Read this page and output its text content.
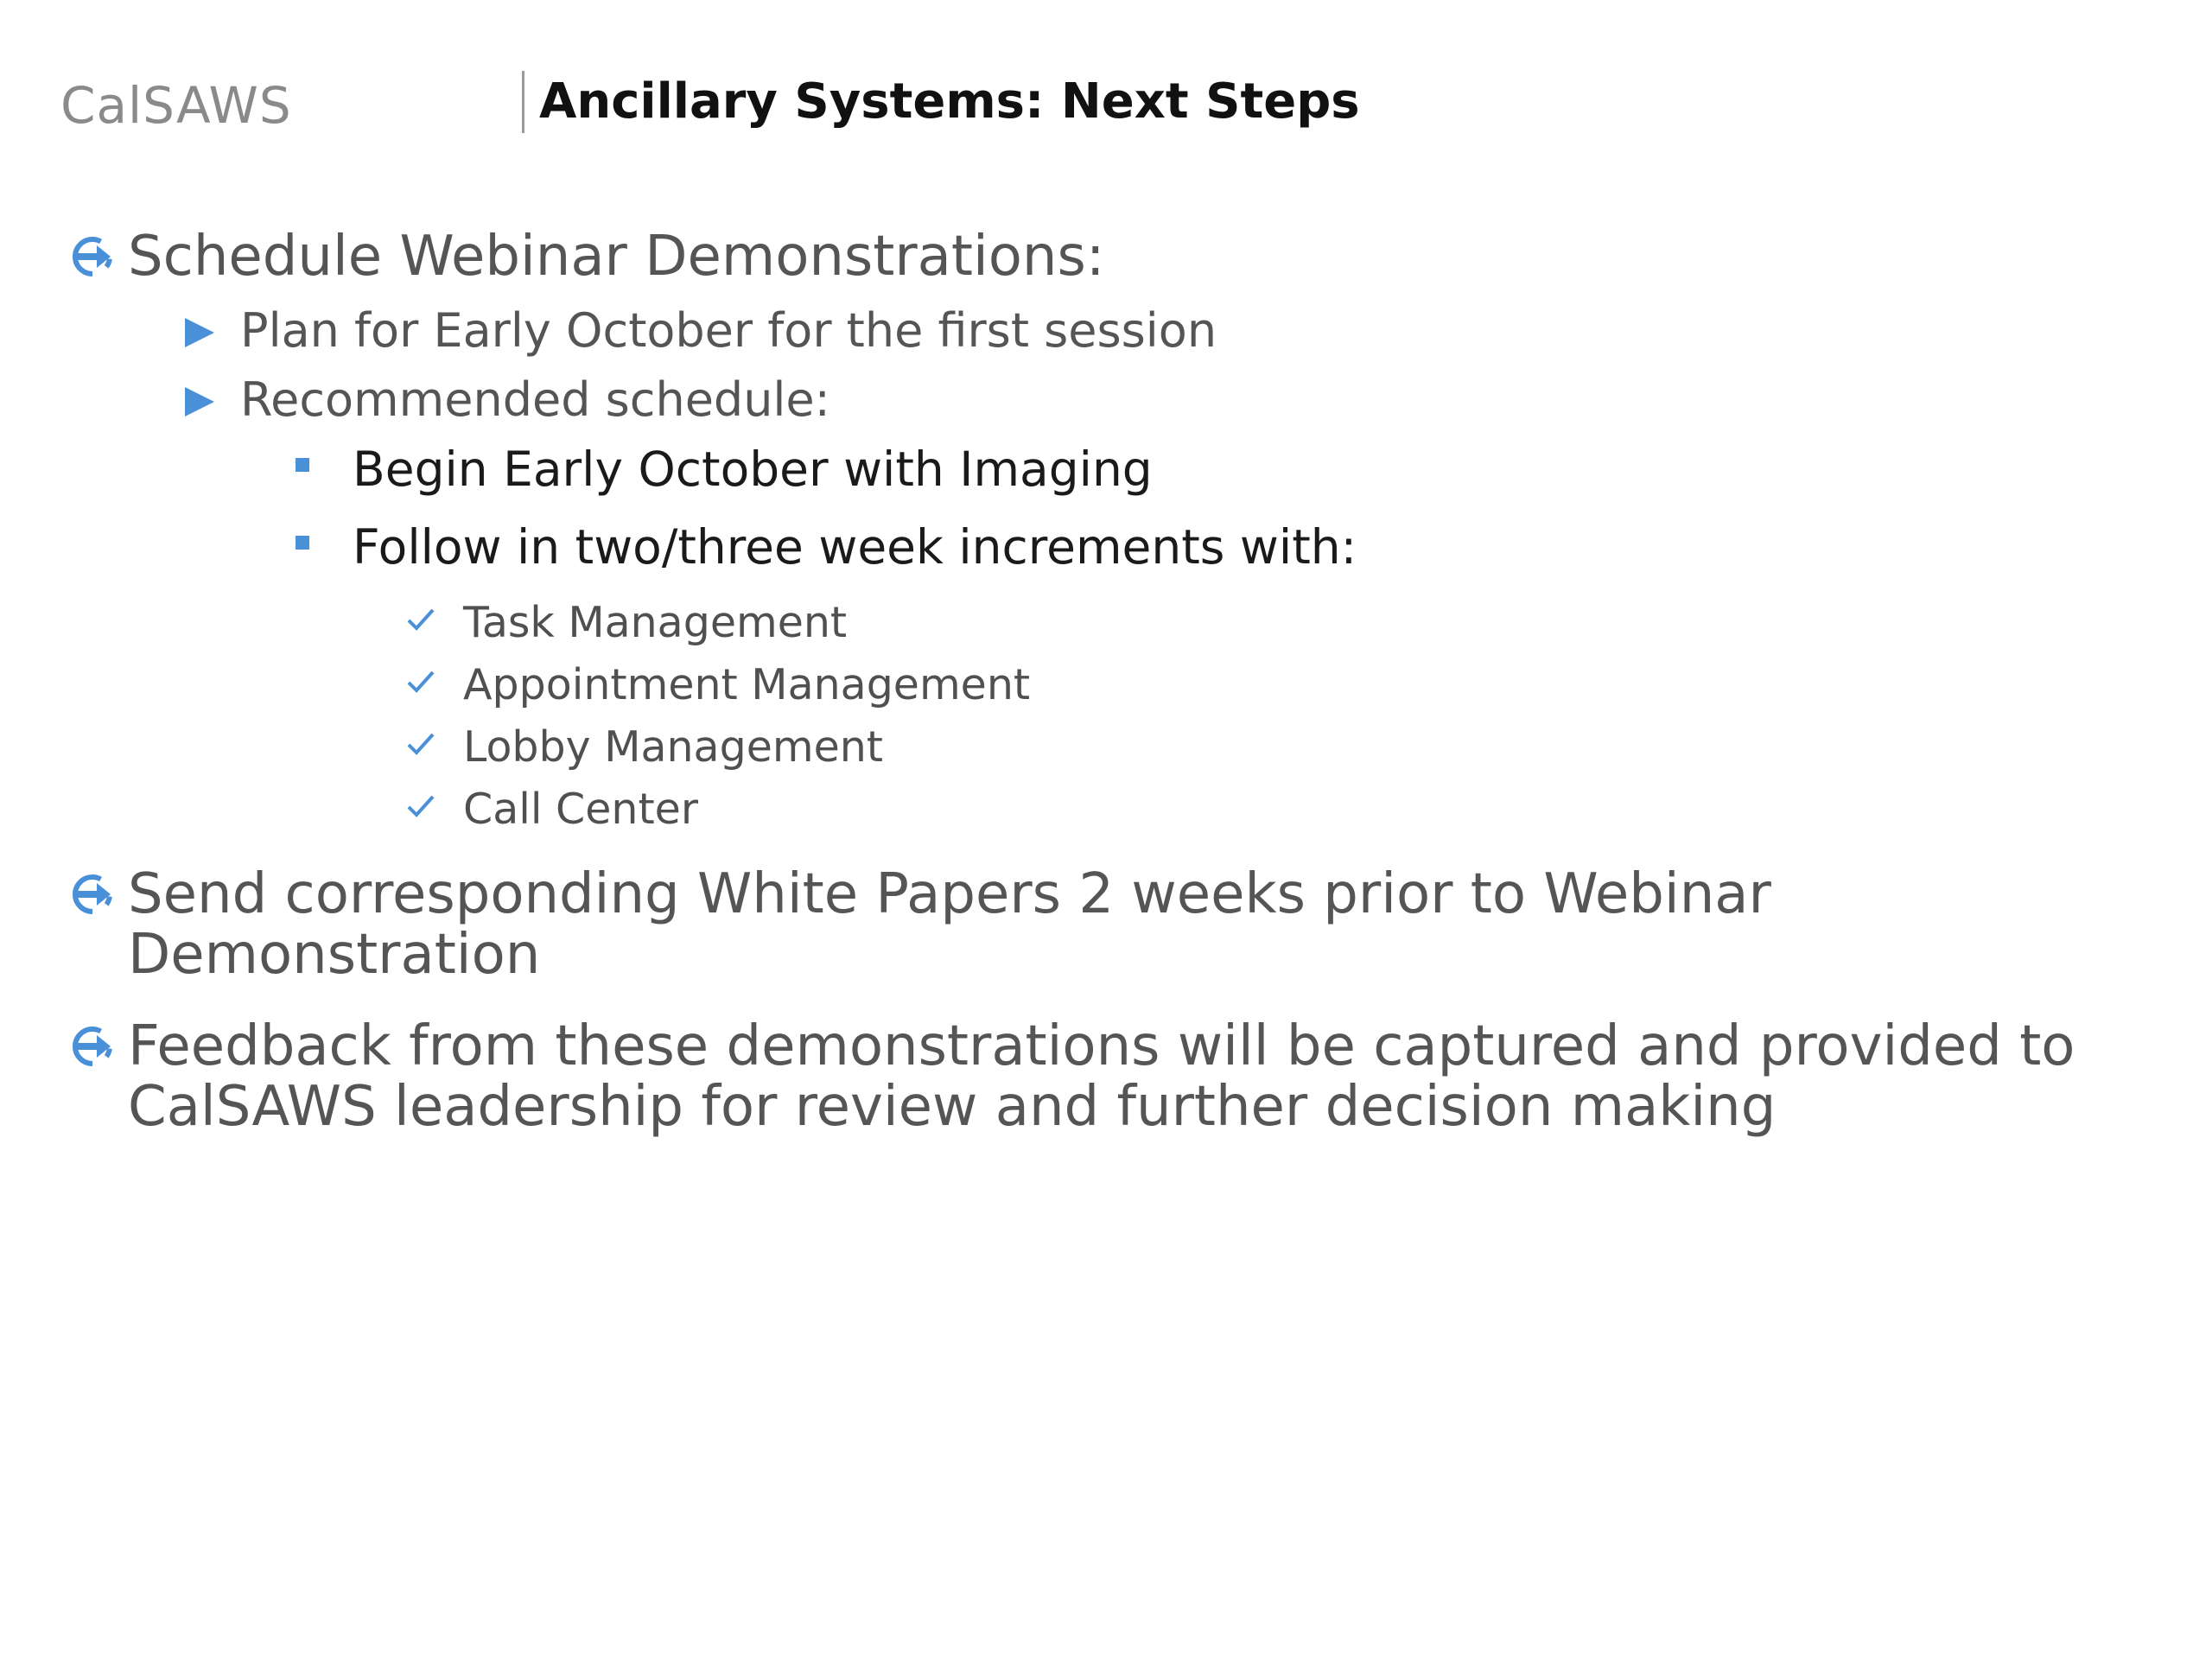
CalSAWS	Ancillary Systems: Next Steps
Schedule Webinar Demonstrations:
Plan for Early October for the first session
Recommended schedule:
Begin Early October with Imaging
Follow in two/three week increments with:
Task Management
Appointment Management
Lobby Management
Call Center
Send corresponding White Papers 2 weeks prior to Webinar Demonstration
Feedback from these demonstrations will be captured and provided to CalSAWS leadership for review and further decision making
